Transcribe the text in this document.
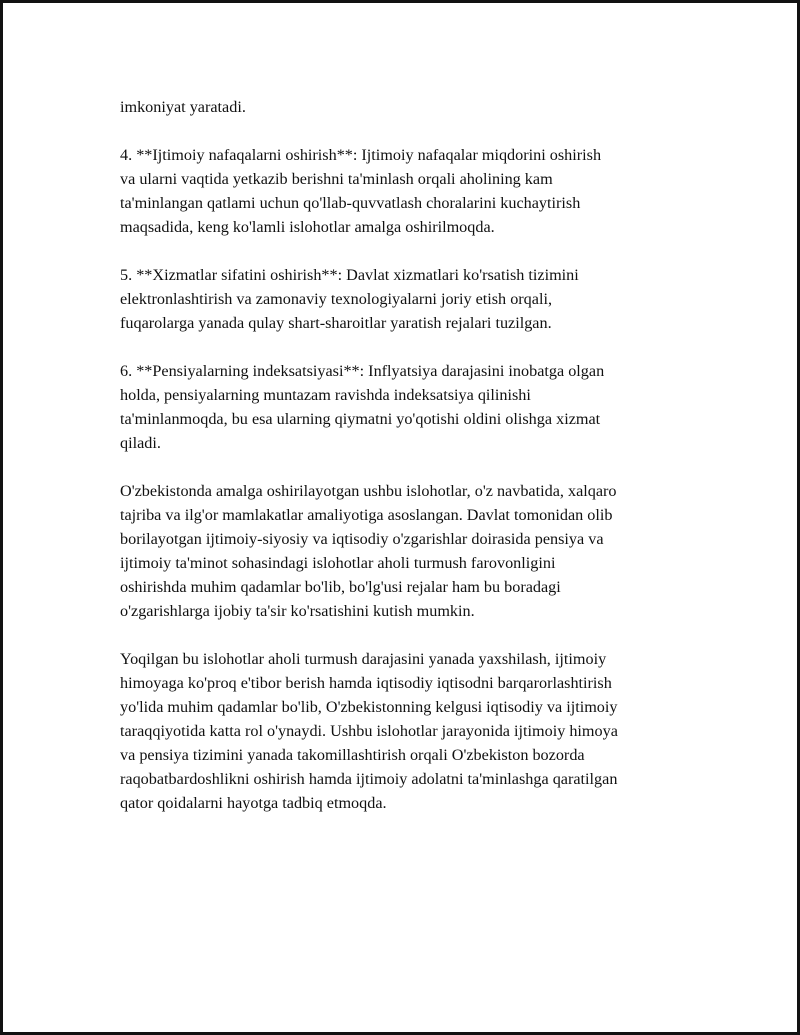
imkoniyat yaratadi.

4. **Ijtimoiy nafaqalarni oshirish**: Ijtimoiy nafaqalar miqdorini oshirish
va ularni vaqtida yetkazib berishni ta'minlash orqali aholining kam
ta'minlangan qatlami uchun qo'llab-quvvatlash choralarini kuchaytirish
maqsadida, keng ko'lamli islohotlar amalga oshirilmoqda.

5. **Xizmatlar sifatini oshirish**: Davlat xizmatlari ko'rsatish tizimini
elektronlashtirish va zamonaviy texnologiyalarni joriy etish orqali,
fuqarolarga yanada qulay shart-sharoitlar yaratish rejalari tuzilgan.

6. **Pensiyalarning indeksatsiyasi**: Inflyatsiya darajasini inobatga olgan
holda, pensiyalarning muntazam ravishda indeksatsiya qilinishi
ta'minlanmoqda, bu esa ularning qiymatni yo'qotishi oldini olishga xizmat
qiladi.

O'zbekistonda amalga oshirilayotgan ushbu islohotlar, o'z navbatida, xalqaro
tajriba va ilg'or mamlakatlar amaliyotiga asoslangan. Davlat tomonidan olib
borilayotgan ijtimoiy-siyosiy va iqtisodiy o'zgarishlar doirasida pensiya va
ijtimoiy ta'minot sohasindagi islohotlar aholi turmush farovonligini
oshirishda muhim qadamlar bo'lib, bo'lg'usi rejalar ham bu boradagi
o'zgarishlarga ijobiy ta'sir ko'rsatishini kutish mumkin.

Yoqilgan bu islohotlar aholi turmush darajasini yanada yaxshilash, ijtimoiy
himoyaga ko'proq e'tibor berish hamda iqtisodiy iqtisodni barqarorlashtirish
yo'lida muhim qadamlar bo'lib, O'zbekistonning kelgusi iqtisodiy va ijtimoiy
taraqqiyotida katta rol o'ynaydi. Ushbu islohotlar jarayonida ijtimoiy himoya
va pensiya tizimini yanada takomillashtirish orqali O'zbekiston bozorda
raqobatbardoshlikni oshirish hamda ijtimoiy adolatni ta'minlashga qaratilgan
qator qoidalarni hayotga tadbiq etmoqda.
